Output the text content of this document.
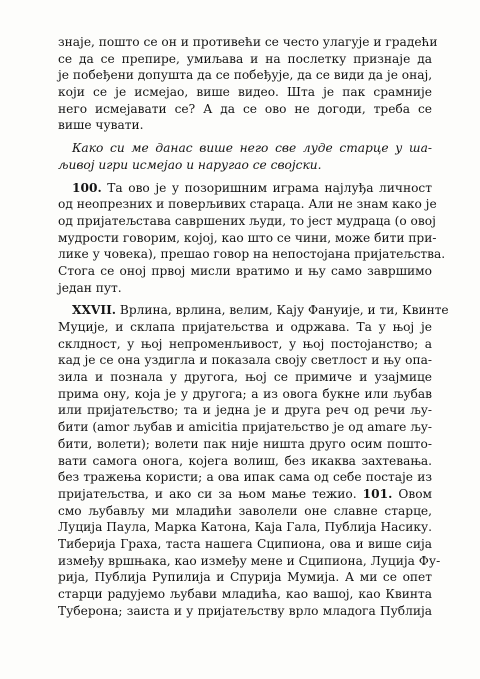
знаје, пошто се он и противећи се често улагује и градећи
се да се препире, умиљава и на послетку признаје да
је побеђени допушта да се побеђује, да се види да је онај,
који се је исмејао, више видео. Шта је пак срамније
него исмејавати се? А да се ово не догоди, треба се
више чувати.
Како си ме данас више него све луде старце у ша-
љивој игри исмејао и наругао се својски.
100. Та ово је у позоришним играма најлуђа личност
од неопрезних и поверљивих стараца. Али не знам како је
од пријатељстава савршених људи, то јест мудраца (о овој
мудрости говорим, којој, као што се чини, може бити при-
лике у човека), прешао говор на непостојана пријатељства.
Стога се оној првој мисли вратимо и њу само завршимо
један пут.
XXVII. Врлина, врлина, велим, Кају Фануије, и ти, Квинте
Муције, и склапа пријатељства и одржава. Та у њој је
склдност, у њој непроменљивост, у њој постојанство; а
кад је се она уздигла и показала своју светлост и њу опа-
зила и познала у другога, њој се примиче и узајмице
прима ону, која је у другога; а из овога букне или љубав
или пријатељство; та и једна је и друга реч од речи љу-
бити (amor љубав и amicitia пријатељство је од amare љу-
бити, волети); волети пак није ништа друго осим пошто-
вати самога онога, којега волиш, без икаква захтевања.
без тражења користи; а ова ипак сама од себе постаје из
пријатељства, и ако си за њом мање тежио. 101. Овом
смо љубављу ми младићи заволели оне славне старце,
Луција Паула, Марка Катона, Каја Гала, Публија Насику.
Тиберија Граха, таста нашега Сципиона, ова и више сија
између вршњака, као између мене и Сципиона, Луција Фу-
рија, Публија Рупилија и Спурија Мумија. А ми се опет
старци радујемо љубави младића, као вашој, као Квинта
Туберона; заиста и у пријатељству врло младога Публија
